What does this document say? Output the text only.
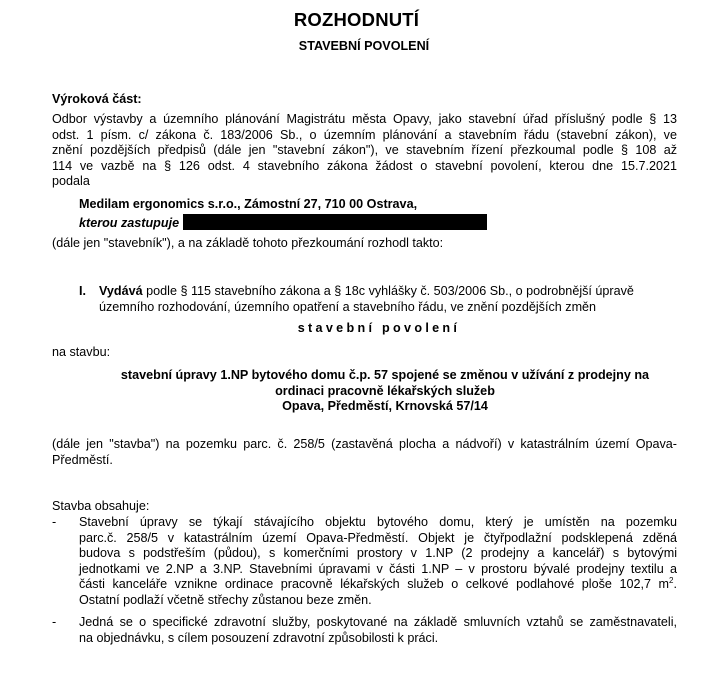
ROZHODNUTÍ
STAVEBNÍ POVOLENÍ
Výroková část:
Odbor výstavby a územního plánování Magistrátu města Opavy, jako stavební úřad příslušný podle § 13
odst. 1 písm. c/ zákona č. 183/2006 Sb., o územním plánování a stavebním řádu (stavební zákon), ve
znění pozdějších předpisů (dále jen "stavební zákon"), ve stavebním řízení přezkoumal podle § 108 až
114 ve vazbě na § 126 odst. 4 stavebního zákona žádost o stavební povolení, kterou dne 15.7.2021
podala
Medilam ergonomics s.r.o., Zámostní 27, 710 00 Ostrava,
kterou zastupuje
(dále jen "stavebník"), a na základě tohoto přezkoumání rozhodl takto:
I. Vydává podle § 115 stavebního zákona a § 18c vyhlášky č. 503/2006 Sb., o podrobnější úpravě
územního rozhodování, územního opatření a stavebního řádu, ve znění pozdějších změn
stavební povolení
na stavbu:
stavební úpravy 1.NP bytového domu č.p. 57 spojené se změnou v užívání z prodejny na
ordinaci pracovně lékařských služeb
Opava, Předměstí, Krnovská 57/14
(dále jen "stavba") na pozemku parc. č. 258/5 (zastavěná plocha a nádvoří) v katastrálním území Opava-
Předměstí.
Stavba obsahuje:
- Stavební úpravy se týkají stávajícího objektu bytového domu, který je umístěn na pozemku
parc.č. 258/5 v katastrálním území Opava-Předměstí. Objekt je čtyřpodlažní podsklepená zděná
budova s podstřeším (půdou), s komerčními prostory v 1.NP (2 prodejny a kancelář) s bytovými
jednotkami ve 2.NP a 3.NP. Stavebními úpravami v části 1.NP – v prostoru bývalé prodejny textilu a
části kanceláře vznikne ordinace pracovně lékařských služeb o celkové podlahové ploše 102,7 $m^2$.
Ostatní podlaží včetně střechy zůstanou beze změn.
- Jedná se o specifické zdravotní služby, poskytované na základě smluvních vztahů se zaměstnavateli,
na objednávku, s cílem posouzení zdravotní způsobilosti k práci.
